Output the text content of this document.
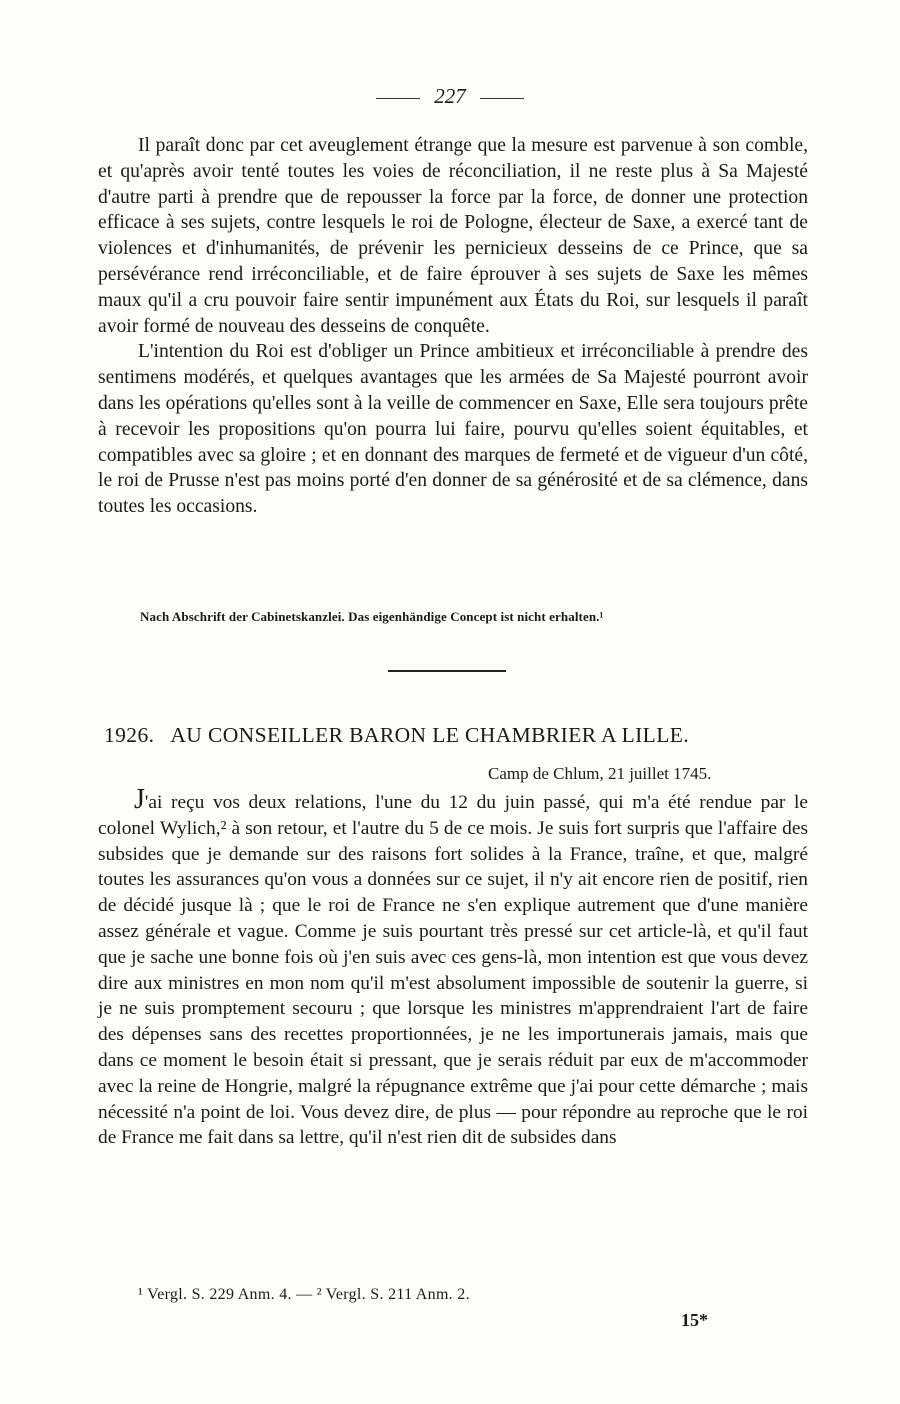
227

Il paraît donc par cet aveuglement étrange que la mesure est parvenue à son comble, et qu'après avoir tenté toutes les voies de réconciliation, il ne reste plus à Sa Majesté d'autre parti à prendre que de repousser la force par la force, de donner une protection efficace à ses sujets, contre lesquels le roi de Pologne, électeur de Saxe, a exercé tant de violences et d'inhumanités, de prévenir les pernicieux desseins de ce Prince, que sa persévérance rend irréconciliable, et de faire éprouver à ses sujets de Saxe les mêmes maux qu'il a cru pouvoir faire sentir impunément aux États du Roi, sur lesquels il paraît avoir formé de nouveau des desseins de conquête.

L'intention du Roi est d'obliger un Prince ambitieux et irréconciliable à prendre des sentimens modérés, et quelques avantages que les armées de Sa Majesté pourront avoir dans les opérations qu'elles sont à la veille de commencer en Saxe, Elle sera toujours prête à recevoir les propositions qu'on pourra lui faire, pourvu qu'elles soient équitables, et compatibles avec sa gloire ; et en donnant des marques de fermeté et de vigueur d'un côté, le roi de Prusse n'est pas moins porté d'en donner de sa générosité et de sa clémence, dans toutes les occasions.

Nach Abschrift der Cabinetskanzlei. Das eigenhändige Concept ist nicht erhalten.¹
1926. AU CONSEILLER BARON LE CHAMBRIER A LILLE.
Camp de Chlum, 21 juillet 1745.

J'ai reçu vos deux relations, l'une du 12 du juin passé, qui m'a été rendue par le colonel Wylich,² à son retour, et l'autre du 5 de ce mois. Je suis fort surpris que l'affaire des subsides que je demande sur des raisons fort solides à la France, traîne, et que, malgré toutes les assurances qu'on vous a données sur ce sujet, il n'y ait encore rien de positif, rien de décidé jusque là ; que le roi de France ne s'en explique autrement que d'une manière assez générale et vague. Comme je suis pourtant très pressé sur cet article-là, et qu'il faut que je sache une bonne fois où j'en suis avec ces gens-là, mon intention est que vous devez dire aux ministres en mon nom qu'il m'est absolument impossible de soutenir la guerre, si je ne suis promptement secouru ; que lorsque les ministres m'apprendraient l'art de faire des dépenses sans des recettes proportionnées, je ne les importunerais jamais, mais que dans ce moment le besoin était si pressant, que je serais réduit par eux de m'accommoder avec la reine de Hongrie, malgré la répugnance extrême que j'ai pour cette démarche ; mais nécessité n'a point de loi. Vous devez dire, de plus — pour répondre au reproche que le roi de France me fait dans sa lettre, qu'il n'est rien dit de subsides dans

¹ Vergl. S. 229 Anm. 4. — ² Vergl. S. 211 Anm. 2.
15*
